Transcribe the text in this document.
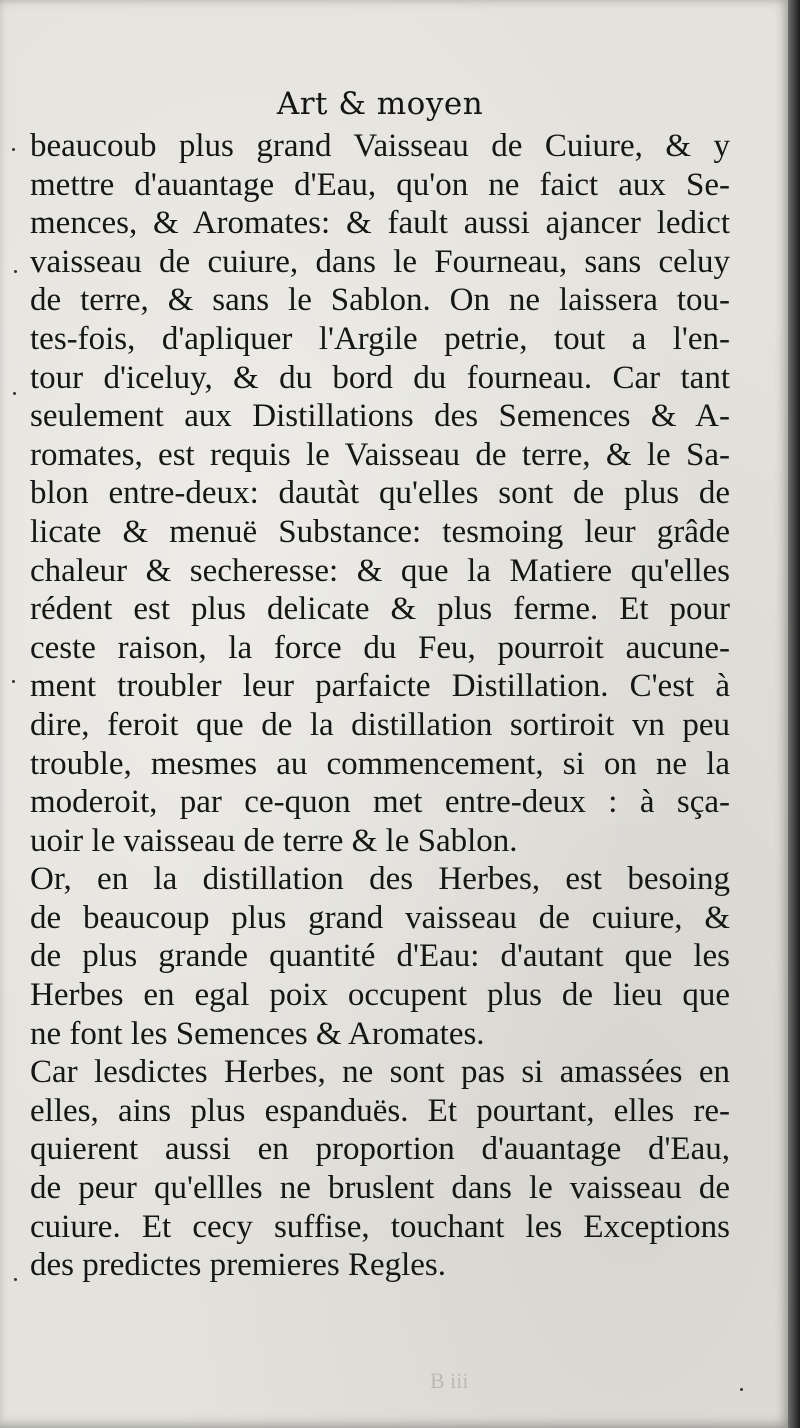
Art & moyen
beaucoub plus grand Vaisseau de Cuiure, & y
mettre d'auantage d'Eau, qu'on ne faict aux Se-
mences, & Aromates: & fault aussi ajancer ledict
vaisseau de cuiure, dans le Fourneau, sans celuy
de terre, & sans le Sablon. On ne laissera tou-
tes-fois, d'apliquer l'Argile petrie, tout a l'en-
tour d'iceluy, & du bord du fourneau. Car tant
seulement aux Distillations des Semences & A-
romates, est requis le Vaisseau de terre, & le Sa-
blon entre-deux: dautàt qu'elles sont de plus de
licate & menuë Substance: tesmoing leur grâde
chaleur & secheresse: & que la Matiere qu'elles
rédent est plus delicate & plus ferme. Et pour
ceste raison, la force du Feu, pourroit aucune-
ment troubler leur parfaicte Distillation. C'est à
dire, feroit que de la distillation sortiroit vn peu
trouble, mesmes au commencement, si on ne la
moderoit, par ce-quon met entre-deux : à sça-
uoir le vaisseau de terre & le Sablon.
Or, en la distillation des Herbes, est besoing
de beaucoup plus grand vaisseau de cuiure, &
de plus grande quantité d'Eau: d'autant que les
Herbes en egal poix occupent plus de lieu que
ne font les Semences & Aromates.
Car lesdictes Herbes, ne sont pas si amassées en
elles, ains plus espanduës. Et pourtant, elles re-
quierent aussi en proportion d'auantage d'Eau,
de peur qu'ellles ne bruslent dans le vaisseau de
cuiure. Et cecy suffise, touchant les Exceptions
des predictes premieres Regles.
B iii
